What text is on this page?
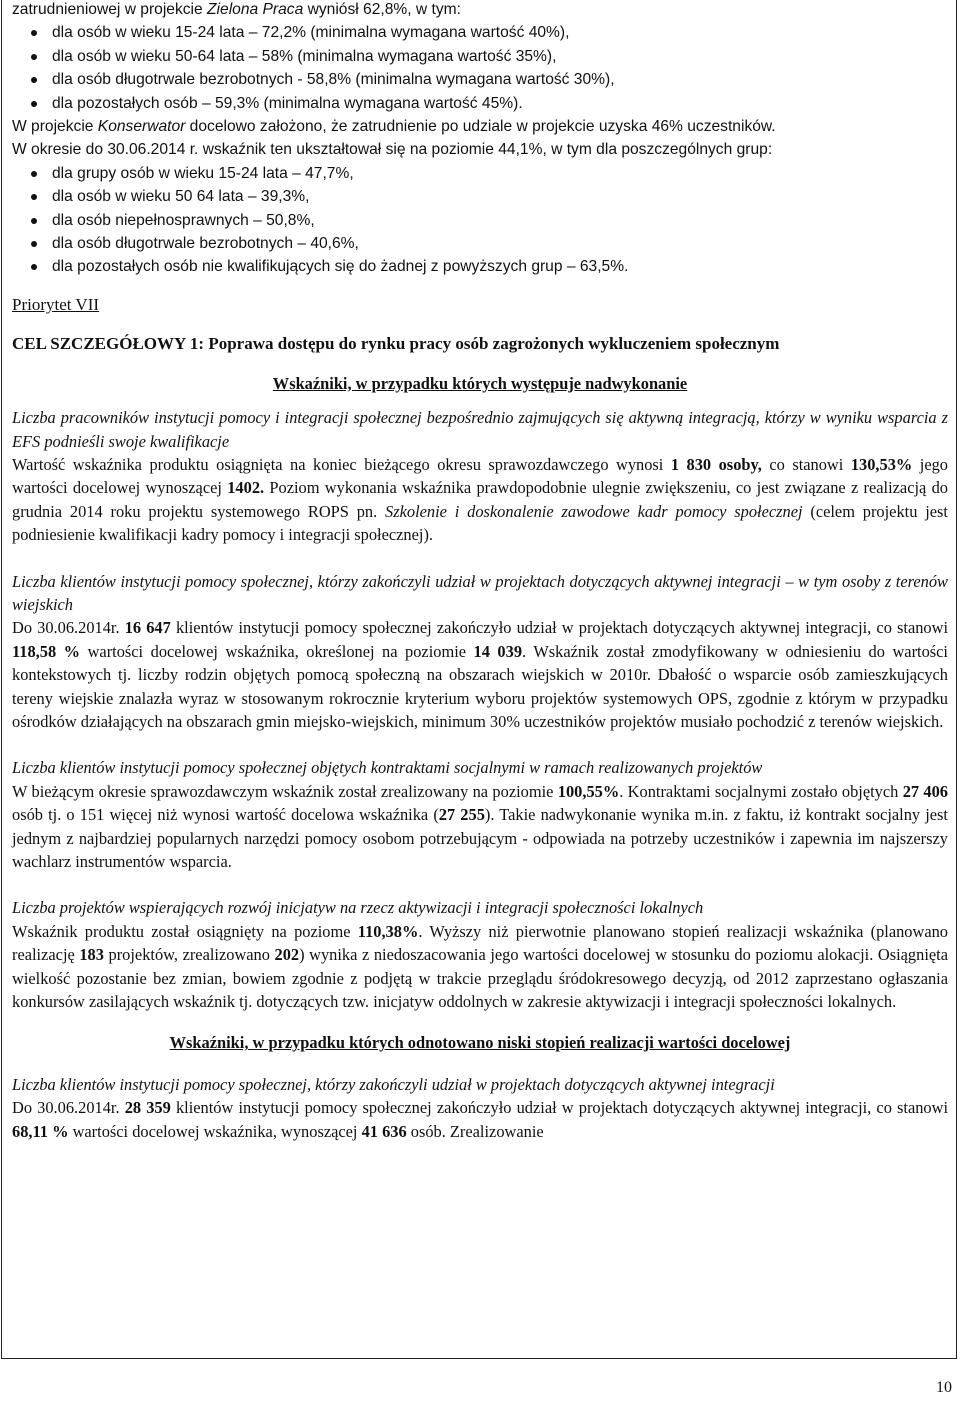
zatrudnieniowej w projekcie Zielona Praca wyniósł 62,8%, w tym:

dla osób w wieku 15-24 lata – 72,2% (minimalna wymagana wartość 40%),
dla osób w wieku 50-64 lata – 58% (minimalna wymagana wartość 35%),
dla osób długotrwale bezrobotnych - 58,8% (minimalna wymagana wartość 30%),
dla pozostałych osób – 59,3% (minimalna wymagana wartość 45%).

W projekcie Konserwator docelowo założono, że zatrudnienie po udziale w projekcie uzyska 46% uczestników.

W okresie do 30.06.2014 r. wskaźnik ten ukształtował się na poziomie 44,1%, w tym dla poszczególnych grup:

dla grupy osób w wieku 15-24 lata – 47,7%,
dla osób w wieku 50 64 lata – 39,3%,
dla osób niepełnosprawnych – 50,8%,
dla osób długotrwale bezrobotnych – 40,6%,
dla pozostałych osób nie kwalifikujących się do żadnej z powyższych grup – 63,5%.

Priorytet VII

CEL SZCZEGÓŁOWY 1: Poprawa dostępu do rynku pracy osób zagrożonych wykluczeniem społecznym

Wskaźniki, w przypadku których występuje nadwykonanie

Liczba pracowników instytucji pomocy i integracji społecznej bezpośrednio zajmujących się aktywną integracją, którzy w wyniku wsparcia z EFS podnieśli swoje kwalifikacje

Wartość wskaźnika produktu osiągnięta na koniec bieżącego okresu sprawozdawczego wynosi 1 830 osoby, co stanowi 130,53% jego wartości docelowej wynoszącej 1402. Poziom wykonania wskaźnika prawdopodobnie ulegnie zwiększeniu, co jest związane z realizacją do grudnia 2014 roku projektu systemowego ROPS pn. Szkolenie i doskonalenie zawodowe kadr pomocy społecznej (celem projektu jest podniesienie kwalifikacji kadry pomocy i integracji społecznej).

Liczba klientów instytucji pomocy społecznej, którzy zakończyli udział w projektach dotyczących aktywnej integracji – w tym osoby z terenów wiejskich

Do 30.06.2014r. 16 647 klientów instytucji pomocy społecznej zakończyło udział w projektach dotyczących aktywnej integracji, co stanowi 118,58 % wartości docelowej wskaźnika, określonej na poziomie 14 039. Wskaźnik został zmodyfikowany w odniesieniu do wartości kontekstowych tj. liczby rodzin objętych pomocą społeczną na obszarach wiejskich w 2010r. Dbałość o wsparcie osób zamieszkujących tereny wiejskie znalazła wyraz w stosowanym rokrocznie kryterium wyboru projektów systemowych OPS, zgodnie z którym w przypadku ośrodków działających na obszarach gmin miejsko-wiejskich, minimum 30% uczestników projektów musiało pochodzić z terenów wiejskich.

Liczba klientów instytucji pomocy społecznej objętych kontraktami socjalnymi w ramach realizowanych projektów

W bieżącym okresie sprawozdawczym wskaźnik został zrealizowany na poziomie 100,55%. Kontraktami socjalnymi zostało objętych 27 406 osób tj. o 151 więcej niż wynosi wartość docelowa wskaźnika (27 255). Takie nadwykonanie wynika m.in. z faktu, iż kontrakt socjalny jest jednym z najbardziej popularnych narzędzi pomocy osobom potrzebującym - odpowiada na potrzeby uczestników i zapewnia im najszerszy wachlarz instrumentów wsparcia.

Liczba projektów wspierających rozwój inicjatyw na rzecz aktywizacji i integracji społeczności lokalnych

Wskaźnik produktu został osiągnięty na poziome 110,38%. Wyższy niż pierwotnie planowano stopień realizacji wskaźnika (planowano realizację 183 projektów, zrealizowano 202) wynika z niedoszacowania jego wartości docelowej w stosunku do poziomu alokacji. Osiągnięta wielkość pozostanie bez zmian, bowiem zgodnie z podjętą w trakcie przeglądu śródokresowego decyzją, od 2012 zaprzestano ogłaszania konkursów zasilających wskaźnik tj. dotyczących tzw. inicjatyw oddolnych w zakresie aktywizacji i integracji społeczności lokalnych.

Wskaźniki, w przypadku których odnotowano niski stopień realizacji wartości docelowej

Liczba klientów instytucji pomocy społecznej, którzy zakończyli udział w projektach dotyczących aktywnej integracji

Do 30.06.2014r. 28 359 klientów instytucji pomocy społecznej zakończyło udział w projektach dotyczących aktywnej integracji, co stanowi 68,11 % wartości docelowej wskaźnika, wynoszącej 41 636 osób. Zrealizowanie

10
